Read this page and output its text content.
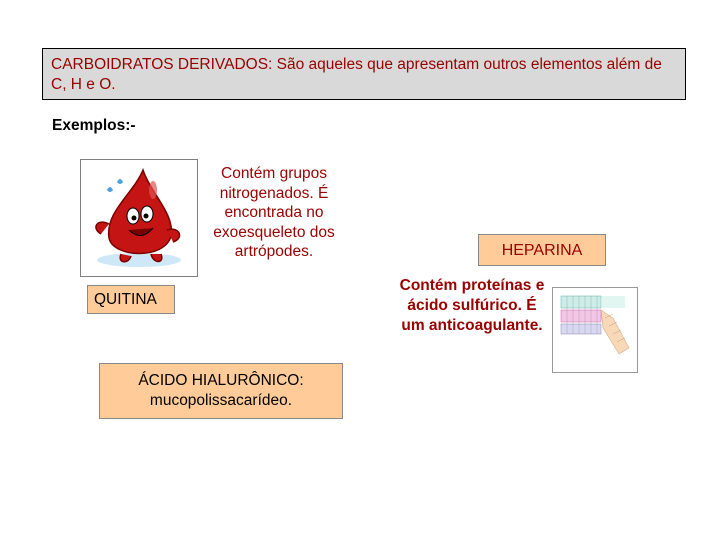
CARBOIDRATOS DERIVADOS: São aqueles que apresentam outros elementos além de C, H e O.
Exemplos:-
Contém grupos nitrogenados. É encontrada no exoesqueleto dos artrópodes.
QUITINA
ÁCIDO HIALURÔNICO: mucopolissacarídeo.
HEPARINA
Contém proteínas e ácido sulfúrico. É um anticoagulante.
